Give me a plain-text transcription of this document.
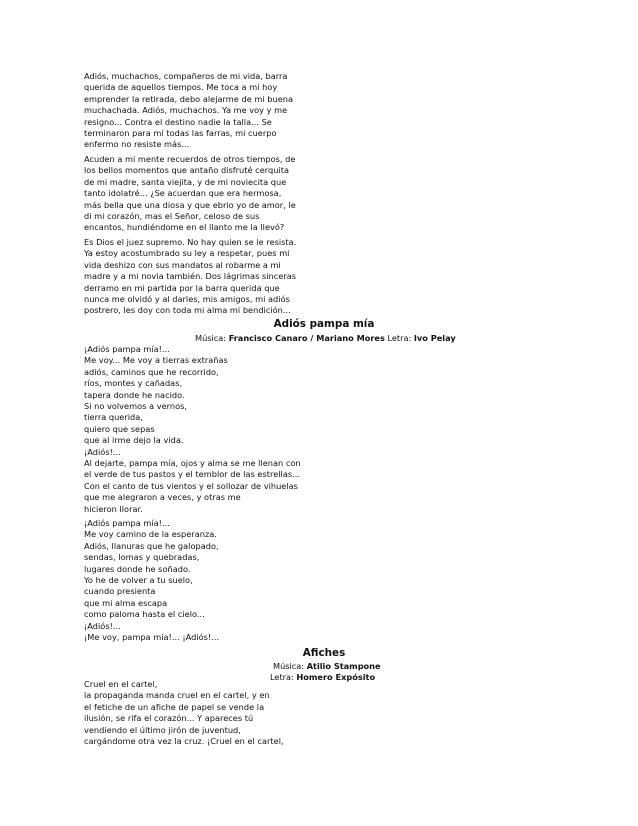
Adiós, muchachos, compañeros de mi vida, barra
querida de aquellos tiempos. Me toca a mí hoy
emprender la retirada, debo alejarme de mi buena
muchachada. Adiós, muchachos. Ya me voy y me
resigno... Contra el destino nadie la talla... Se
terminaron para mí todas las farras, mi cuerpo
enfermo no resiste más...
Acuden a mi mente recuerdos de otros tiempos, de
los bellos momentos que antaño disfruté cerquita
de mi madre, santa viejita, y de mi noviecita que
tanto idolatré... ¿Se acuerdan que era hermosa,
más bella que una diosa y que ebrio yo de amor, le
di mi corazón, mas el Señor, celoso de sus
encantos, hundiéndome en el llanto me la llevó?
Es Dios el juez supremo. No hay quien se le resista.
Ya estoy acostumbrado su ley a respetar, pues mi
vida deshizo con sus mandatos al robarme a mi
madre y a mi novia también. Dos lágrimas sinceras
derramo en mi partida por la barra querida que
nunca me olvidó y al darles, mis amigos, mi adiós
postrero, les doy con toda mi alma mi bendición...
Adiós pampa mía
Música: Francisco Canaro / Mariano Mores Letra: Ivo Pelay
¡Adiós pampa mía!...
Me voy... Me voy a tierras extrañas
adiós, caminos que he recorrido,
ríos, montes y cañadas,
tapera donde he nacido.
Si no volvemos a vernos,
tierra querida,
quiero que sepas
que al irme dejo la vida.
¡Adiós!...
Al dejarte, pampa mía, ojos y alma se me llenan con
el verde de tus pastos y el temblor de las estrellas...
Con el canto de tus vientos y el sollozar de vihuelas
que me alegraron a veces, y otras me
hicieron llorar.
¡Adiós pampa mía!...
Me voy camino de la esperanza.
Adiós, llanuras que he galopado,
sendas, lomas y quebradas,
lugares donde he soñado.
Yo he de volver a tu suelo,
cuando presienta
que mi alma escapa
como paloma hasta el cielo...
¡Adiós!...
¡Me voy, pampa mía!... ¡Adiós!...
Afiches
Música: Atilio Stampone
Letra: Homero Expósito
Cruel en el cartel,
la propaganda manda cruel en el cartel, y en
el fetiche de un afiche de papel se vende la
ilusión, se rifa el corazón... Y apareces tú
vendiendo el último jirón de juventud,
cargándome otra vez la cruz. ¡Cruel en el cartel,
